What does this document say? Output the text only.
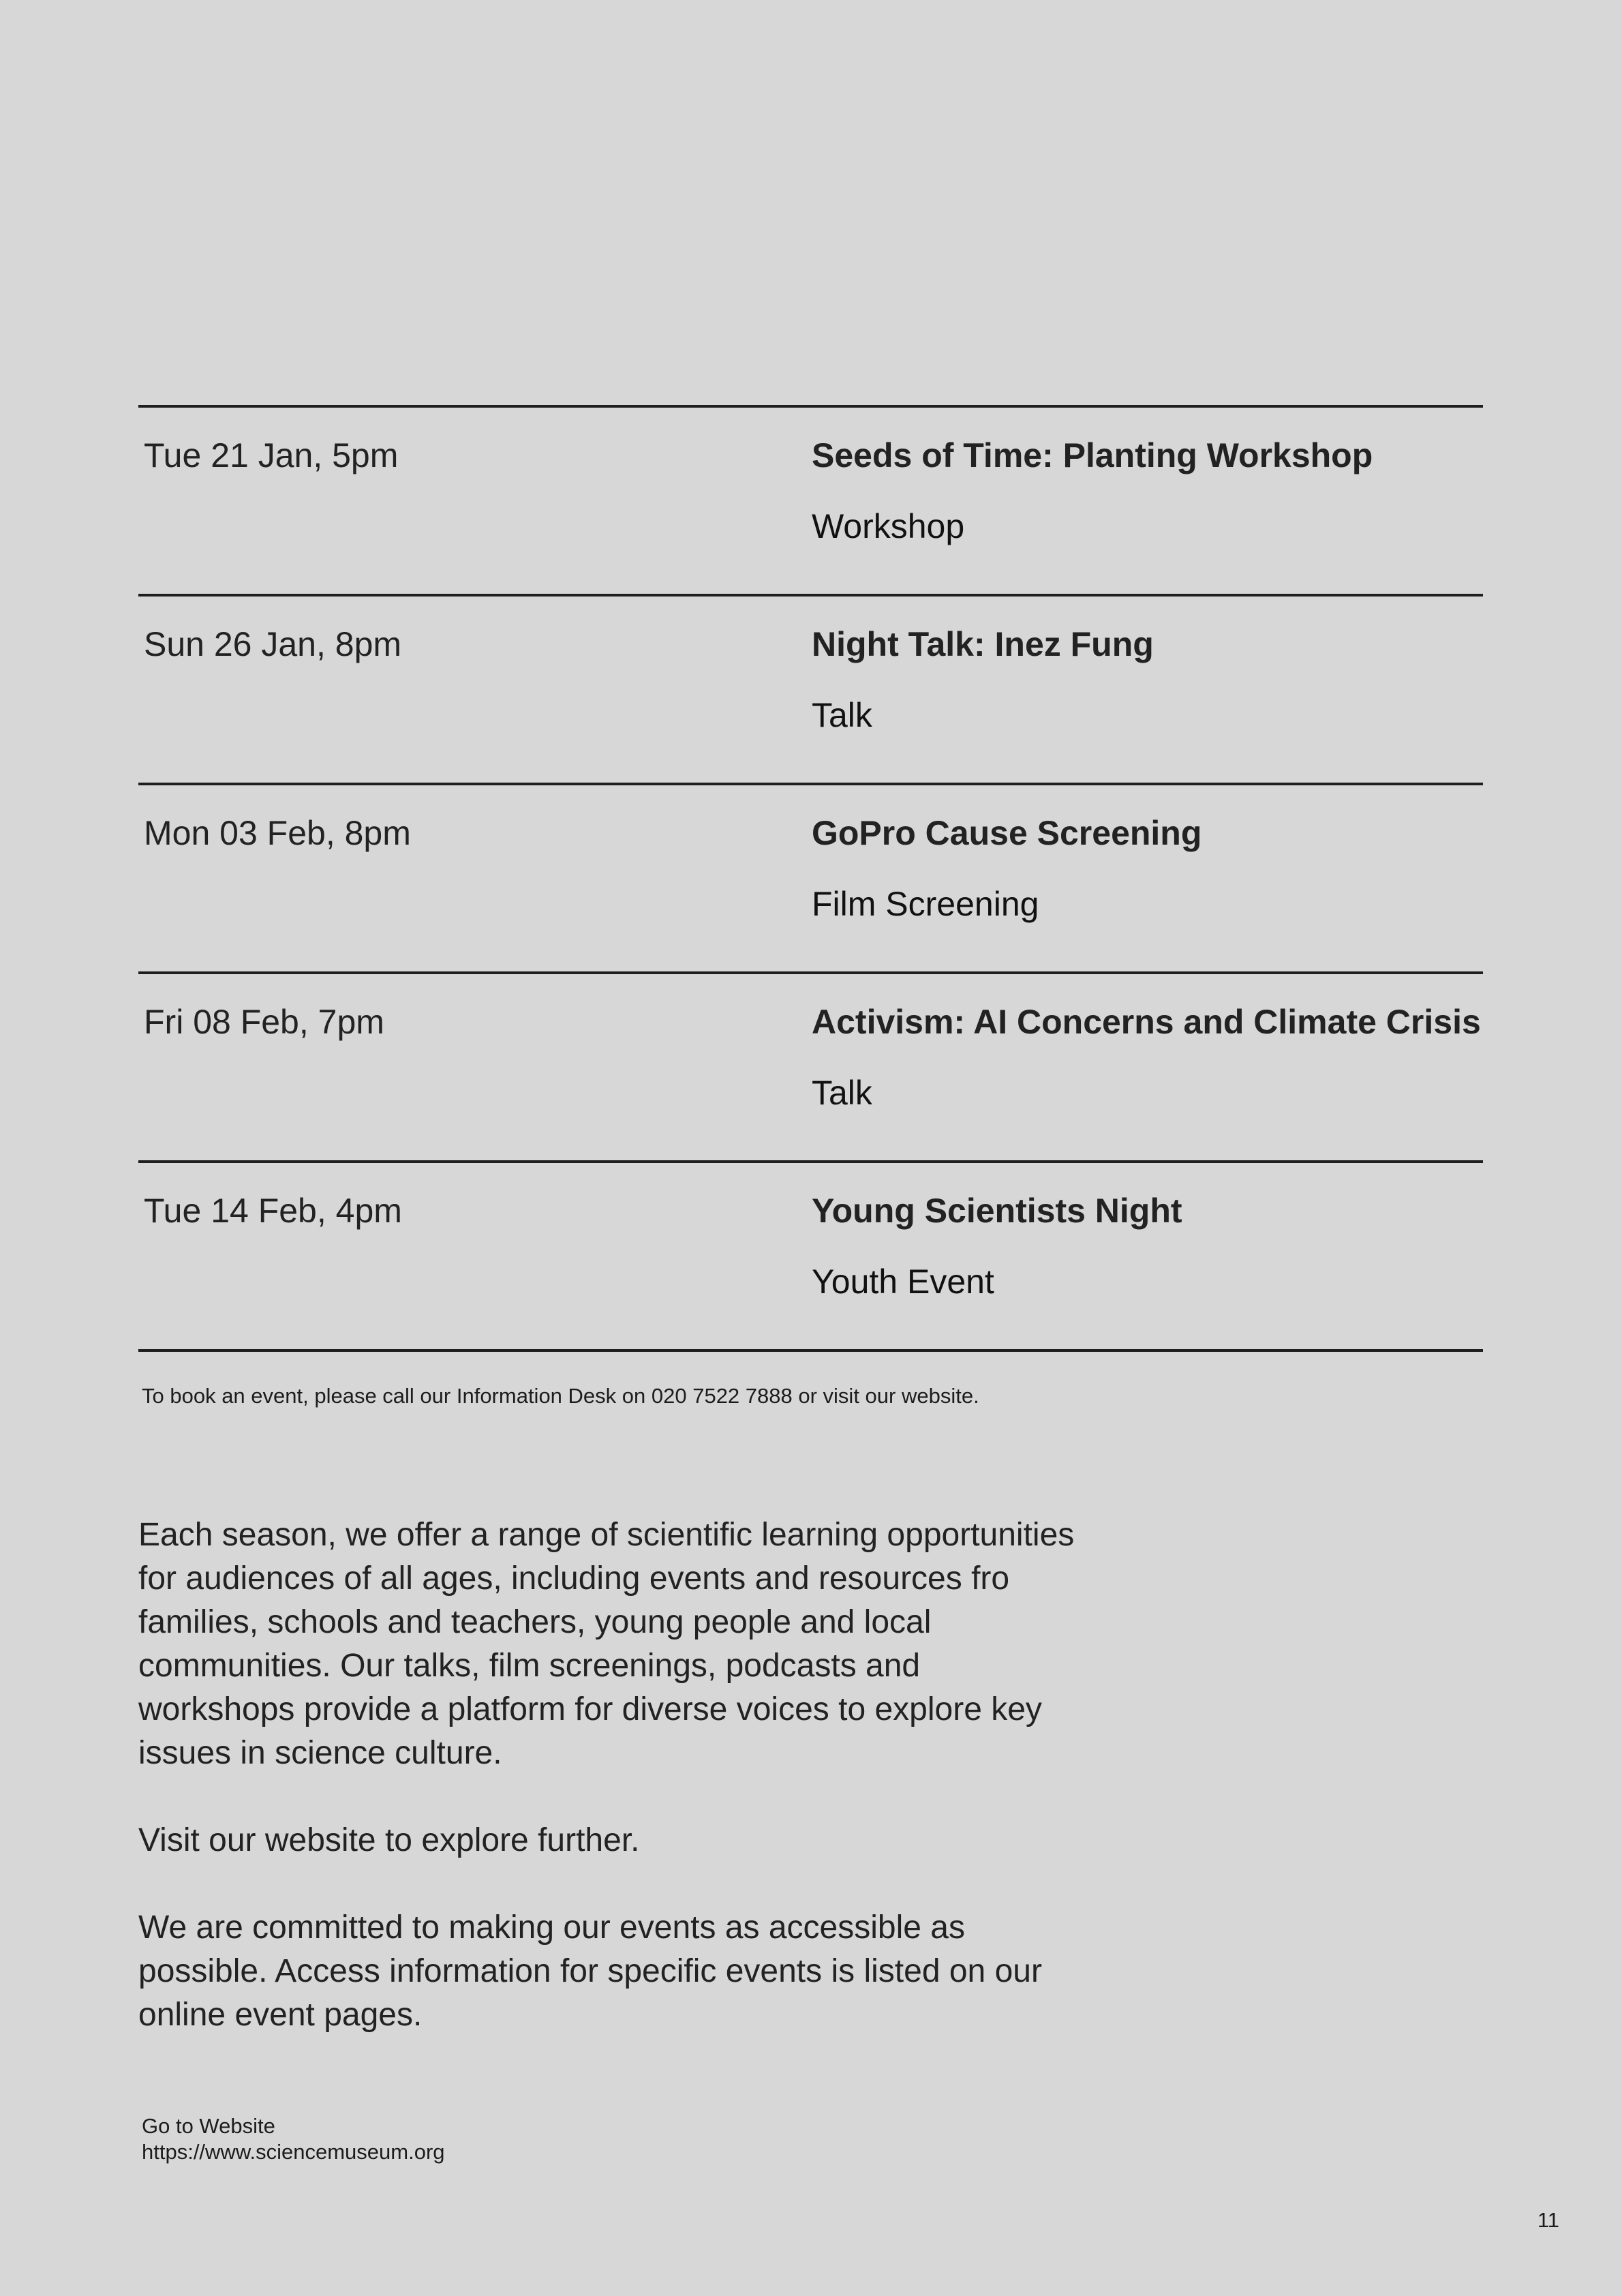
Tue 21 Jan, 5pm	Seeds of Time: Planting Workshop
Workshop
Sun 26 Jan, 8pm	Night Talk: Inez Fung
Talk
Mon 03 Feb, 8pm	GoPro Cause Screening
Film Screening
Fri 08 Feb, 7pm	Activism: AI Concerns and Climate Crisis
Talk
Tue 14 Feb, 4pm	Young Scientists Night
Youth Event
To book an event, please call our Information Desk on 020 7522 7888 or visit our website.

Each season, we offer a range of scientific learning opportunities for audiences of all ages, including events and resources fro families, schools and teachers, young people and local communities. Our talks, film screenings, podcasts and workshops provide a platform for diverse voices to explore key issues in science culture.

Visit our website to explore further.

We are committed to making our events as accessible as possible. Access information for specific events is listed on our online event pages.

Go to Website
https://www.sciencemuseum.org
11
